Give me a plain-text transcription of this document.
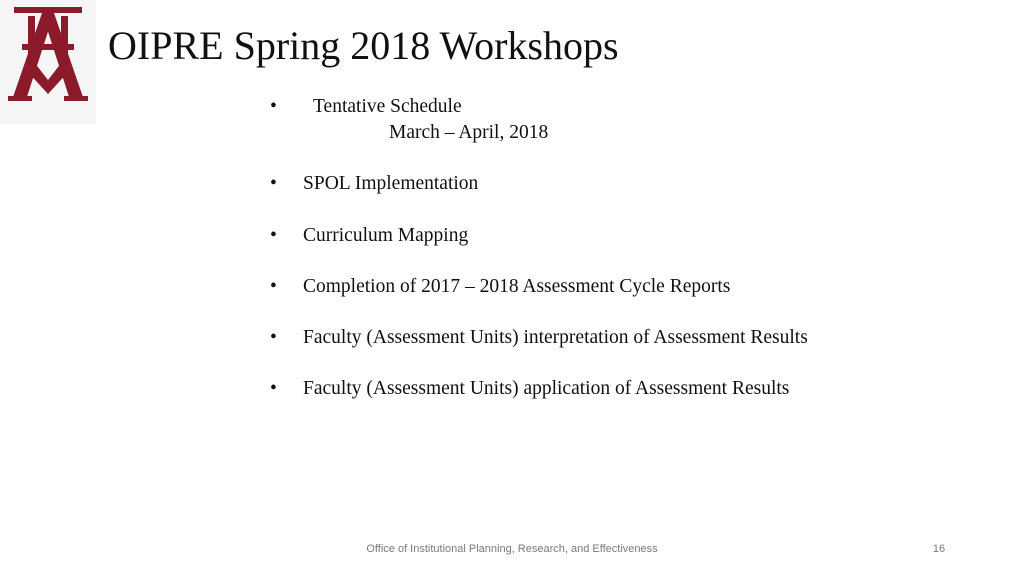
OIPRE Spring 2018 Workshops
• Tentative Schedule
March – April, 2018
• SPOL Implementation
• Curriculum Mapping
• Completion of 2017 – 2018 Assessment Cycle Reports
• Faculty (Assessment Units) interpretation of Assessment Results
• Faculty (Assessment Units) application of Assessment Results
Office of Institutional Planning, Research, and Effectiveness	16
